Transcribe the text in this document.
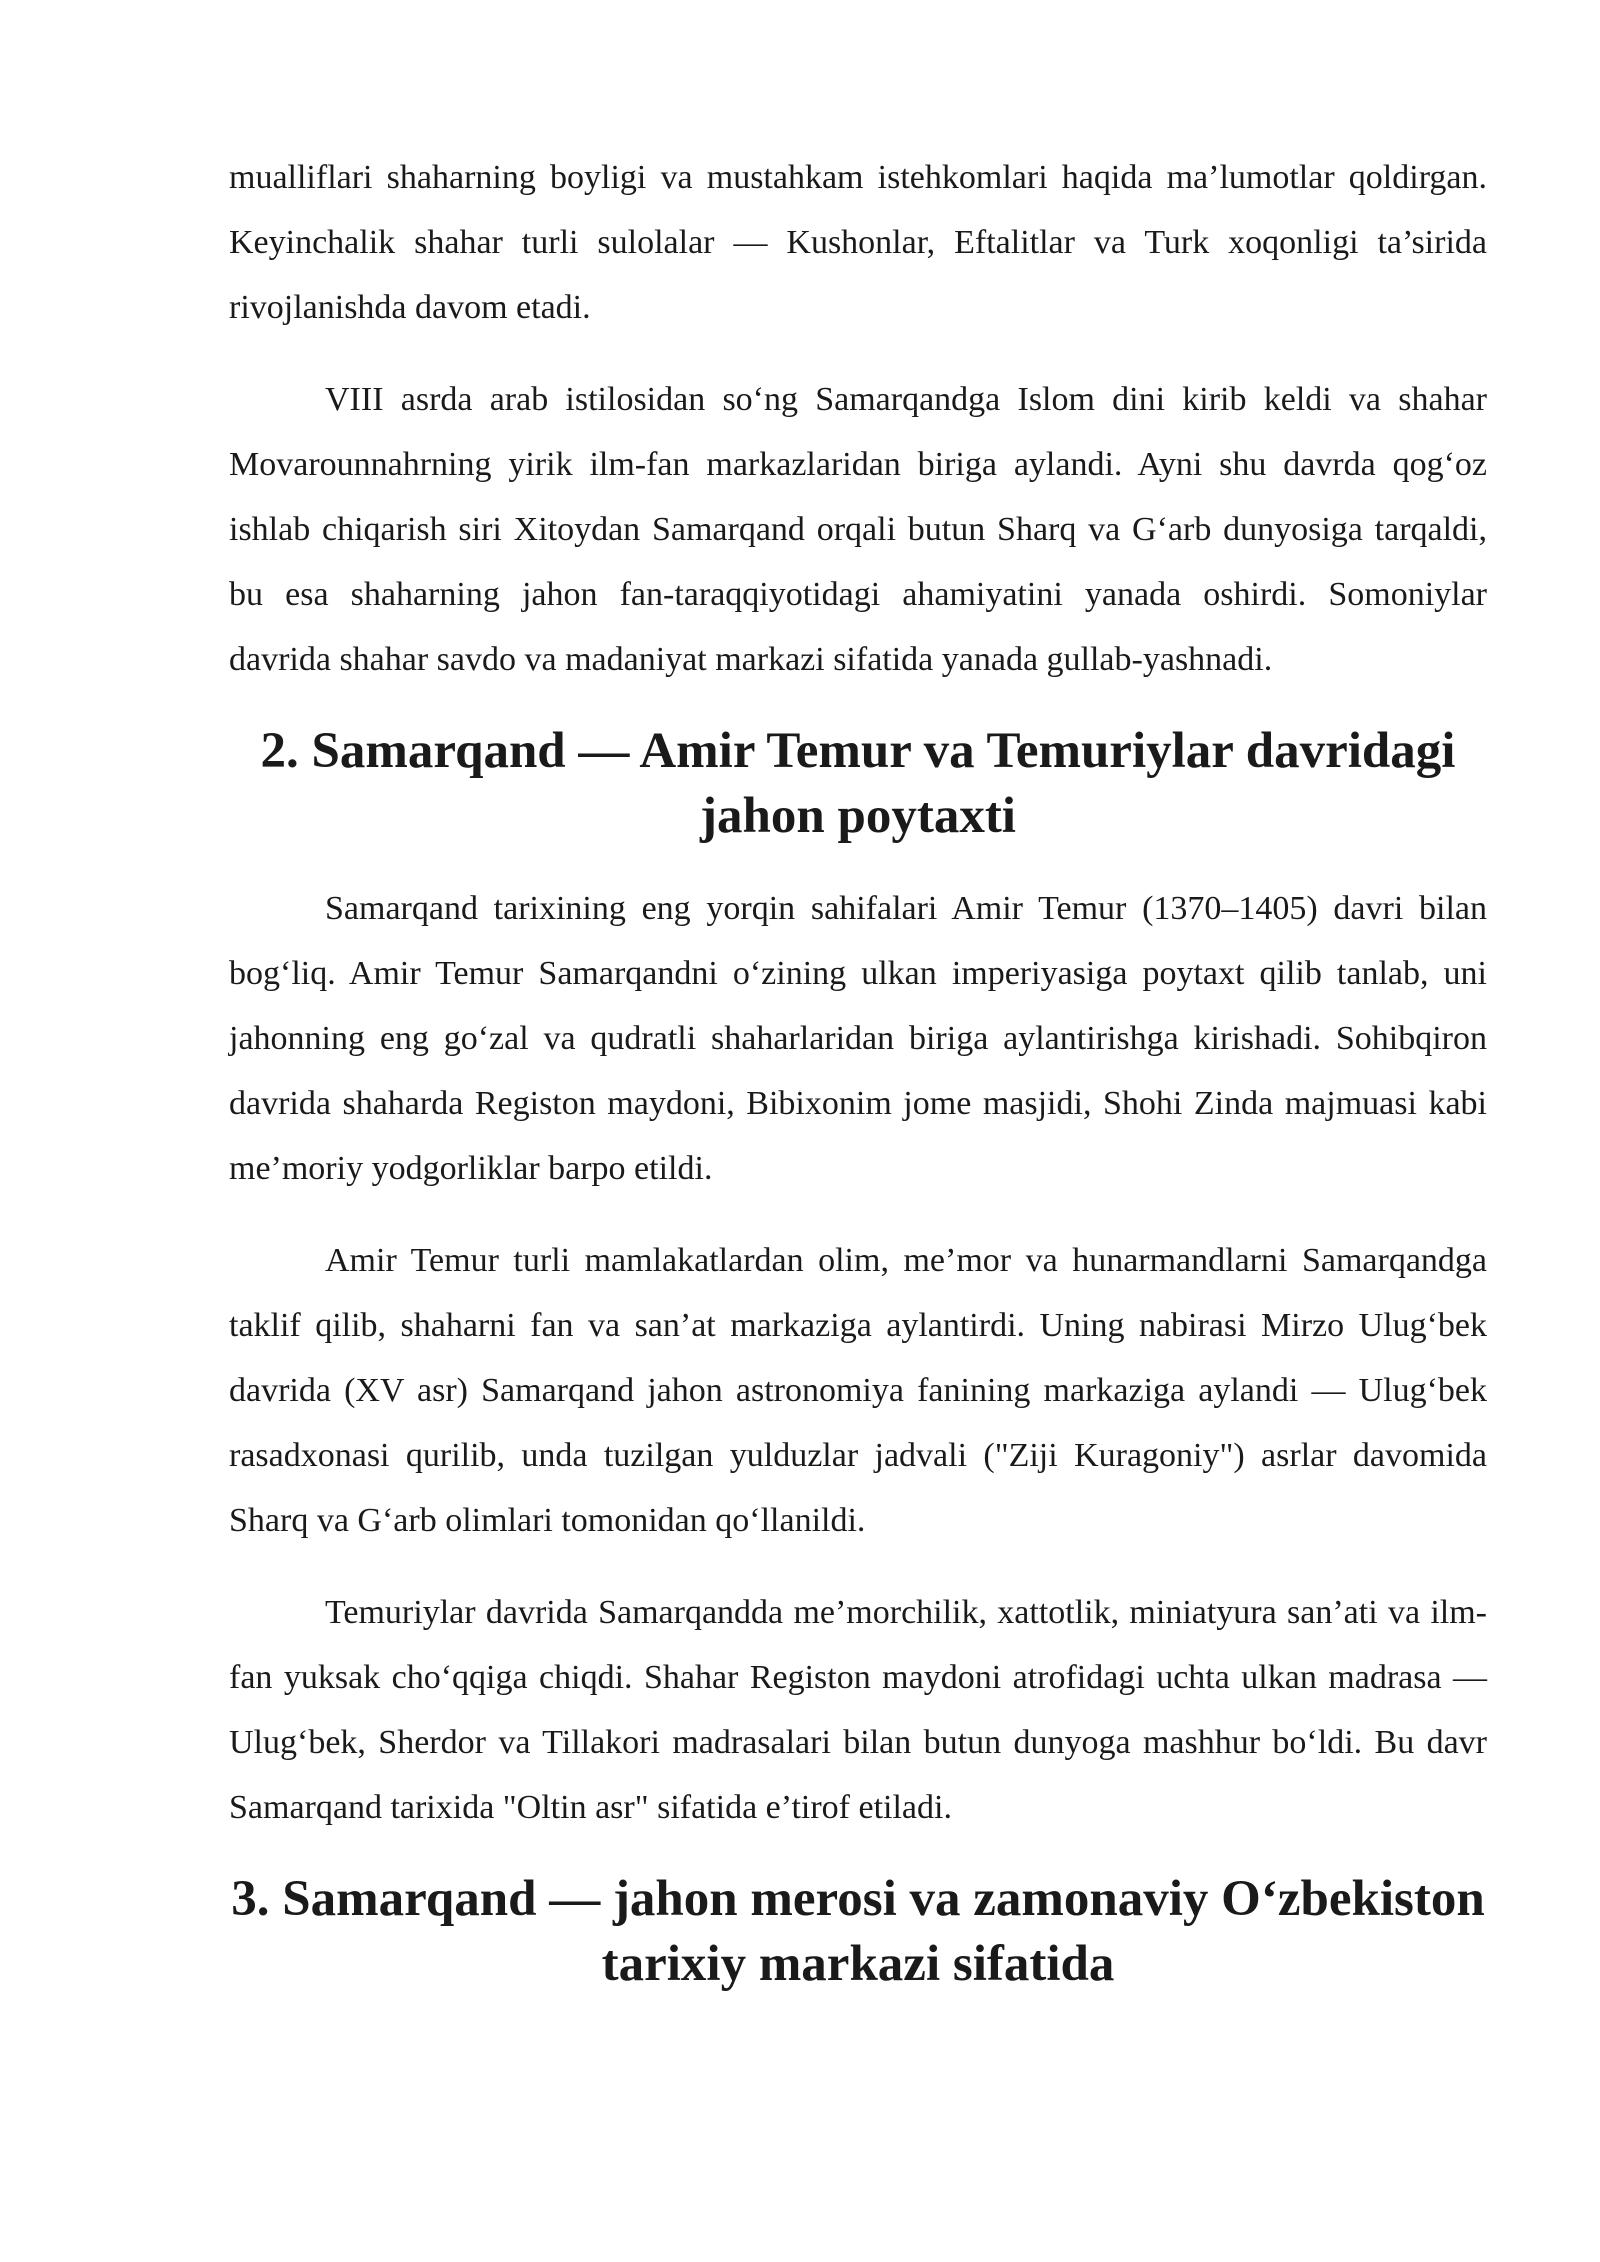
mualliflari shaharning boyligi va mustahkam istehkomlari haqida ma’lumotlar qoldirgan. Keyinchalik shahar turli sulolalar — Kushonlar, Eftalitlar va Turk xoqonligi ta’sirida rivojlanishda davom etadi.

VIII asrda arab istilosidan so‘ng Samarqandga Islom dini kirib keldi va shahar Movarounnahrning yirik ilm-fan markazlaridan biriga aylandi. Ayni shu davrda qog‘oz ishlab chiqarish siri Xitoydan Samarqand orqali butun Sharq va G‘arb dunyosiga tarqaldi, bu esa shaharning jahon fan-taraqqiyotidagi ahamiyatini yanada oshirdi. Somoniylar davrida shahar savdo va madaniyat markazi sifatida yanada gullab-yashnadi.

2. Samarqand — Amir Temur va Temuriylar davridagi jahon poytaxti

Samarqand tarixining eng yorqin sahifalari Amir Temur (1370–1405) davri bilan bog‘liq. Amir Temur Samarqandni o‘zining ulkan imperiyasiga poytaxt qilib tanlab, uni jahonning eng go‘zal va qudratli shaharlaridan biriga aylantirishga kirishadi. Sohibqiron davrida shaharda Registon maydoni, Bibixonim jome masjidi, Shohi Zinda majmuasi kabi me’moriy yodgorliklar barpo etildi.

Amir Temur turli mamlakatlardan olim, me’mor va hunarmandlarni Samarqandga taklif qilib, shaharni fan va san’at markaziga aylantirdi. Uning nabirasi Mirzo Ulug‘bek davrida (XV asr) Samarqand jahon astronomiya fanining markaziga aylandi — Ulug‘bek rasadxonasi qurilib, unda tuzilgan yulduzlar jadvali ("Ziji Kuragoniy") asrlar davomida Sharq va G‘arb olimlari tomonidan qo‘llanildi.

Temuriylar davrida Samarqandda me’morchilik, xattotlik, miniatyura san’ati va ilm-fan yuksak cho‘qqiga chiqdi. Shahar Registon maydoni atrofidagi uchta ulkan madrasa — Ulug‘bek, Sherdor va Tillakori madrasalari bilan butun dunyoga mashhur bo‘ldi. Bu davr Samarqand tarixida "Oltin asr" sifatida e’tirof etiladi.

3. Samarqand — jahon merosi va zamonaviy O‘zbekiston tarixiy markazi sifatida
